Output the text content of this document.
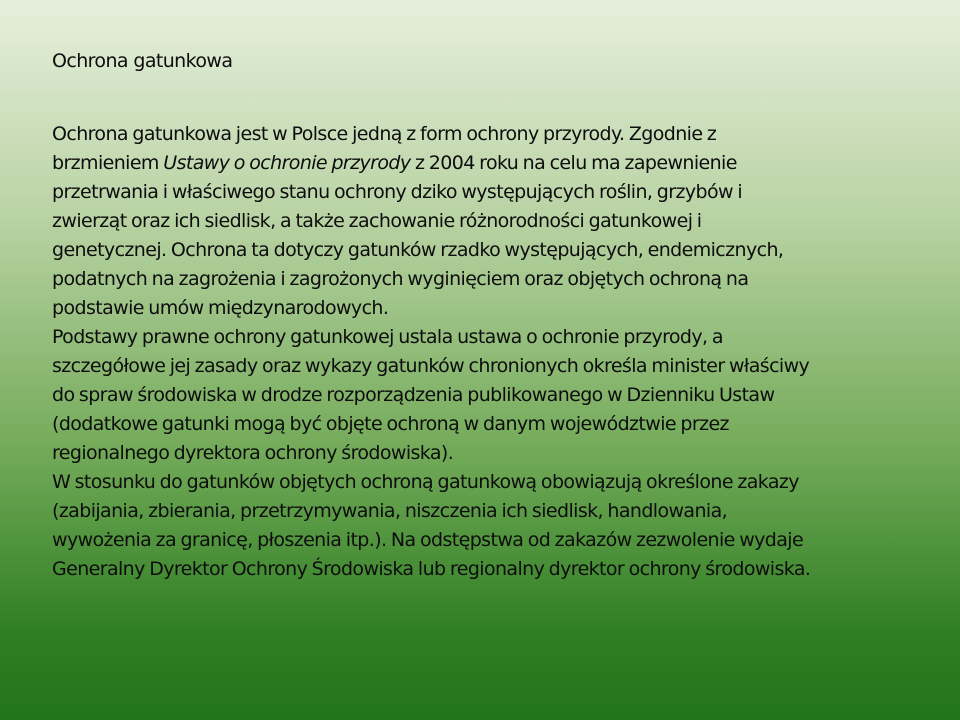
Ochrona gatunkowa

Ochrona gatunkowa jest w Polsce jedną z form ochrony przyrody. Zgodnie z
brzmieniem Ustawy o ochronie przyrody z 2004 roku na celu ma zapewnienie
przetrwania i właściwego stanu ochrony dziko występujących roślin, grzybów i
zwierząt oraz ich siedlisk, a także zachowanie różnorodności gatunkowej i
genetycznej. Ochrona ta dotyczy gatunków rzadko występujących, endemicznych,
podatnych na zagrożenia i zagrożonych wyginięciem oraz objętych ochroną na
podstawie umów międzynarodowych.

Podstawy prawne ochrony gatunkowej ustala ustawa o ochronie przyrody, a
szczegółowe jej zasady oraz wykazy gatunków chronionych określa minister właściwy
do spraw środowiska w drodze rozporządzenia publikowanego w Dzienniku Ustaw
(dodatkowe gatunki mogą być objęte ochroną w danym województwie przez
regionalnego dyrektora ochrony środowiska).

W stosunku do gatunków objętych ochroną gatunkową obowiązują określone zakazy
(zabijania, zbierania, przetrzymywania, niszczenia ich siedlisk, handlowania,
wywożenia za granicę, płoszenia itp.). Na odstępstwa od zakazów zezwolenie wydaje
Generalny Dyrektor Ochrony Środowiska lub regionalny dyrektor ochrony środowiska.
